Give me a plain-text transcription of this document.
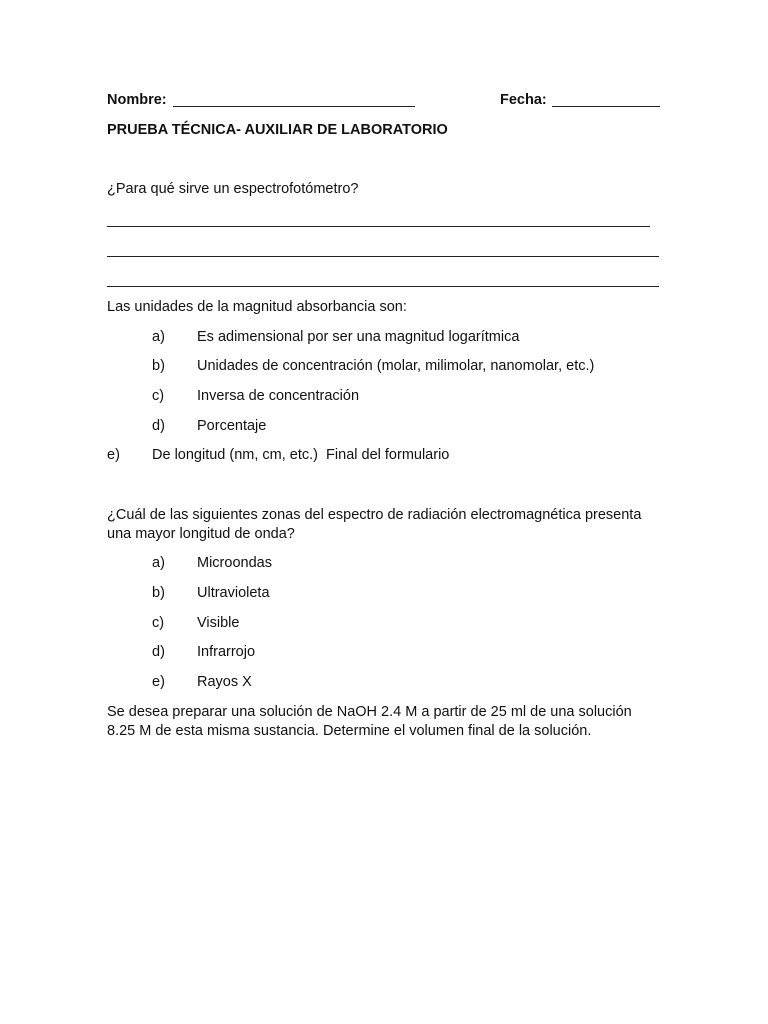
Nombre:	Fecha:
PRUEBA TÉCNICA- AUXILIAR DE LABORATORIO
¿Para qué sirve un espectrofotómetro?
Las unidades de la magnitud absorbancia son:
a) Es adimensional por ser una magnitud logarítmica
b) Unidades de concentración (molar, milimolar, nanomolar, etc.)
c) Inversa de concentración
d) Porcentaje
e) De longitud (nm, cm, etc.)  Final del formulario
¿Cuál de las siguientes zonas del espectro de radiación electromagnética presenta
una mayor longitud de onda?
a) Microondas
b) Ultravioleta
c) Visible
d) Infrarrojo
e) Rayos X
Se desea preparar una solución de NaOH 2.4 M a partir de 25 ml de una solución
8.25 M de esta misma sustancia. Determine el volumen final de la solución.
